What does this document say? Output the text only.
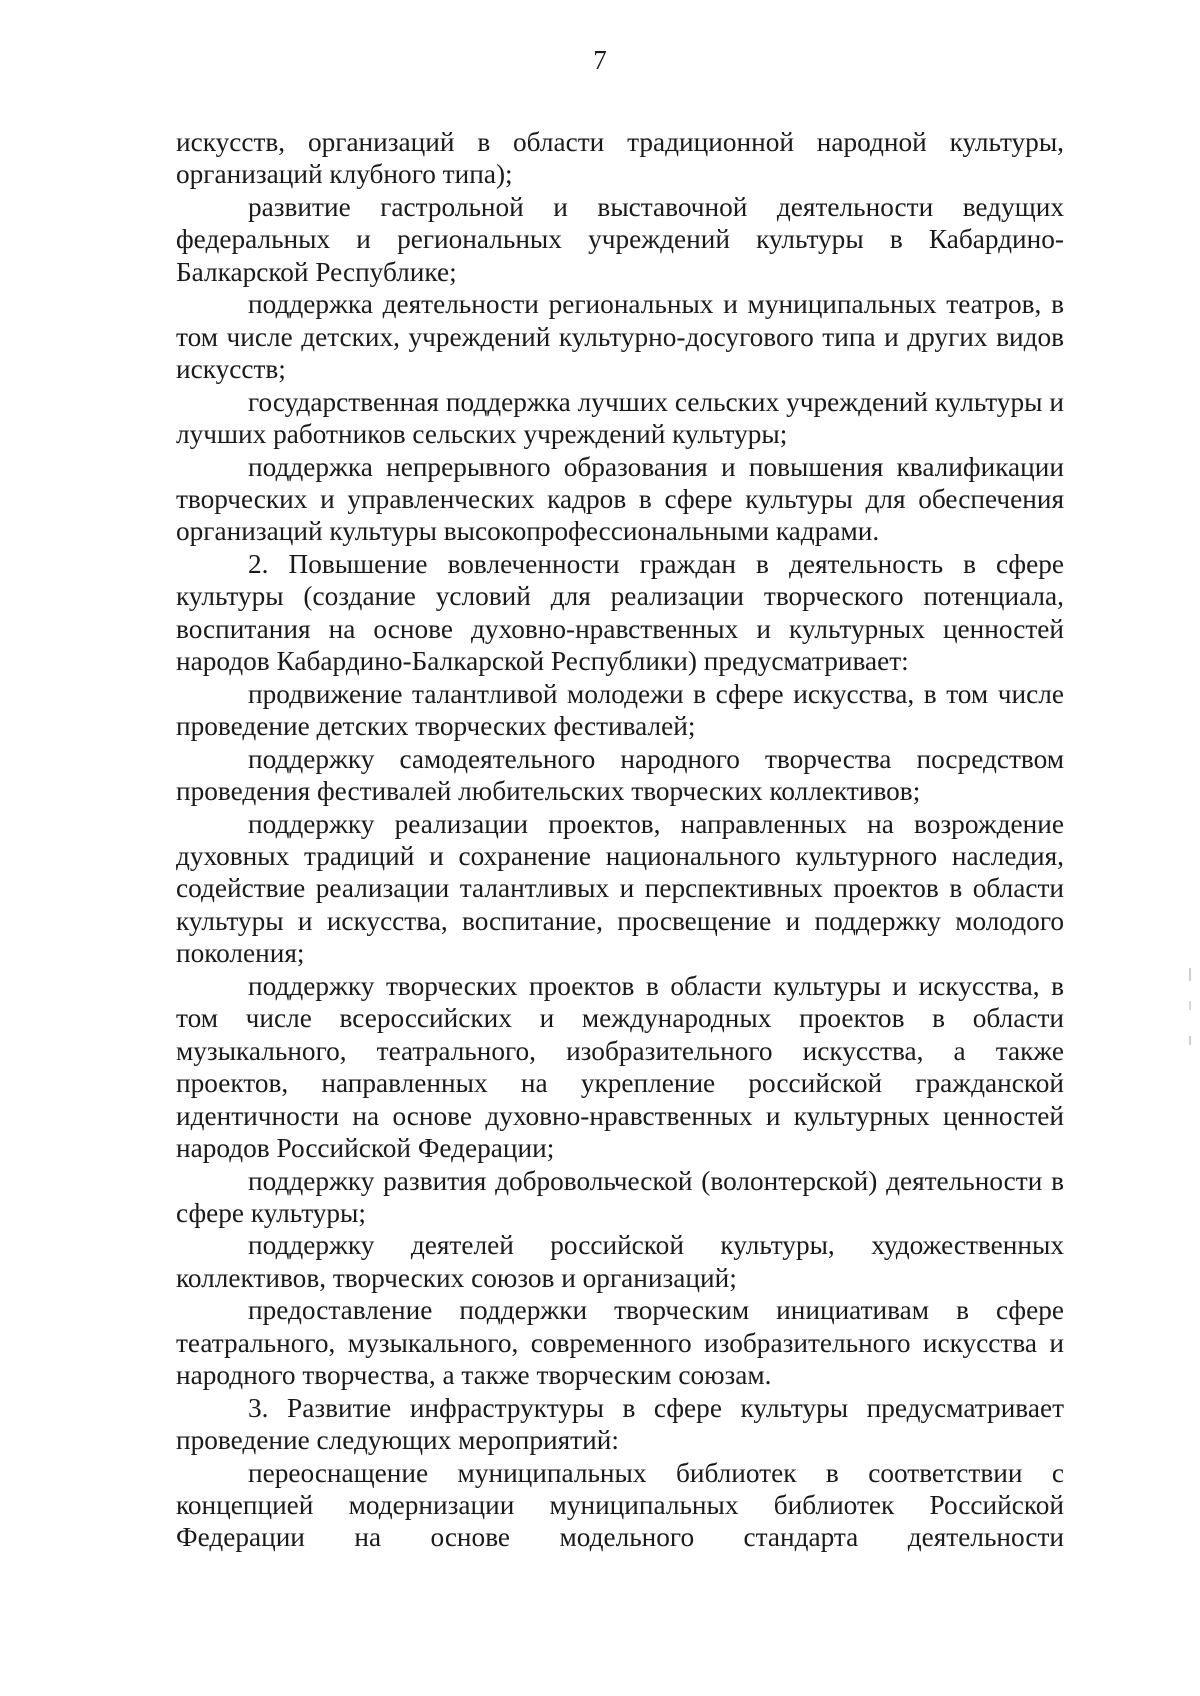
7

искусств, организаций в области традиционной народной культуры, организаций клубного типа);

развитие гастрольной и выставочной деятельности ведущих федеральных и региональных учреждений культуры в Кабардино-Балкарской Республике;

поддержка деятельности региональных и муниципальных театров, в том числе детских, учреждений культурно-досугового типа и других видов искусств;

государственная поддержка лучших сельских учреждений культуры и лучших работников сельских учреждений культуры;

поддержка непрерывного образования и повышения квалификации творческих и управленческих кадров в сфере культуры для обеспечения организаций культуры высокопрофессиональными кадрами.

2. Повышение вовлеченности граждан в деятельность в сфере культуры (создание условий для реализации творческого потенциала, воспитания на основе духовно-нравственных и культурных ценностей народов Кабардино-Балкарской Республики) предусматривает:

продвижение талантливой молодежи в сфере искусства, в том числе проведение детских творческих фестивалей;

поддержку самодеятельного народного творчества посредством проведения фестивалей любительских творческих коллективов;

поддержку реализации проектов, направленных на возрождение духовных традиций и сохранение национального культурного наследия, содействие реализации талантливых и перспективных проектов в области культуры и искусства, воспитание, просвещение и поддержку молодого поколения;

поддержку творческих проектов в области культуры и искусства, в том числе всероссийских и международных проектов в области музыкального, театрального, изобразительного искусства, а также проектов, направленных на укрепление российской гражданской идентичности на основе духовно-нравственных и культурных ценностей народов Российской Федерации;

поддержку развития добровольческой (волонтерской) деятельности в сфере культуры;

поддержку деятелей российской культуры, художественных коллективов, творческих союзов и организаций;

предоставление поддержки творческим инициативам в сфере театрального, музыкального, современного изобразительного искусства и народного творчества, а также творческим союзам.

3. Развитие инфраструктуры в сфере культуры предусматривает проведение следующих мероприятий:

переоснащение муниципальных библиотек в соответствии с концепцией модернизации муниципальных библиотек Российской Федерации на основе модельного стандарта деятельности
